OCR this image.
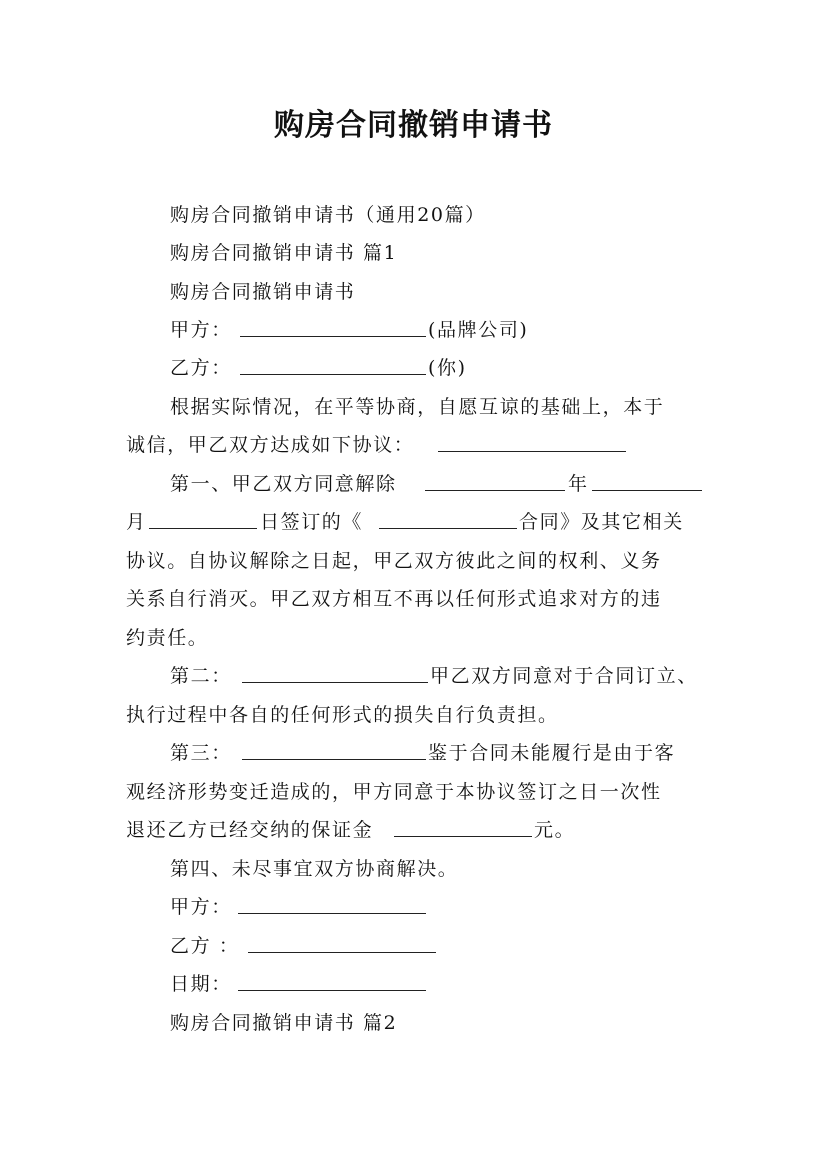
购房合同撤销申请书
购房合同撤销申请书（通用20篇）
购房合同撤销申请书 篇1
购房合同撤销申请书
甲方：	(品牌公司)
乙方：	(你)
根据实际情况，在平等协商，自愿互谅的基础上，本于
诚信，甲乙双方达成如下协议：
第一、甲乙双方同意解除	年
月	日签订的《	合同》及其它相关
协议。自协议解除之日起，甲乙双方彼此之间的权利、义务
关系自行消灭。甲乙双方相互不再以任何形式追求对方的违
约责任。
第二：	甲乙双方同意对于合同订立、
执行过程中各自的任何形式的损失自行负责担。
第三：	鉴于合同未能履行是由于客
观经济形势变迁造成的，甲方同意于本协议签订之日一次性
退还乙方已经交纳的保证金	元。
第四、未尽事宜双方协商解决。
甲方：
乙方 ：
日期：
购房合同撤销申请书 篇2
